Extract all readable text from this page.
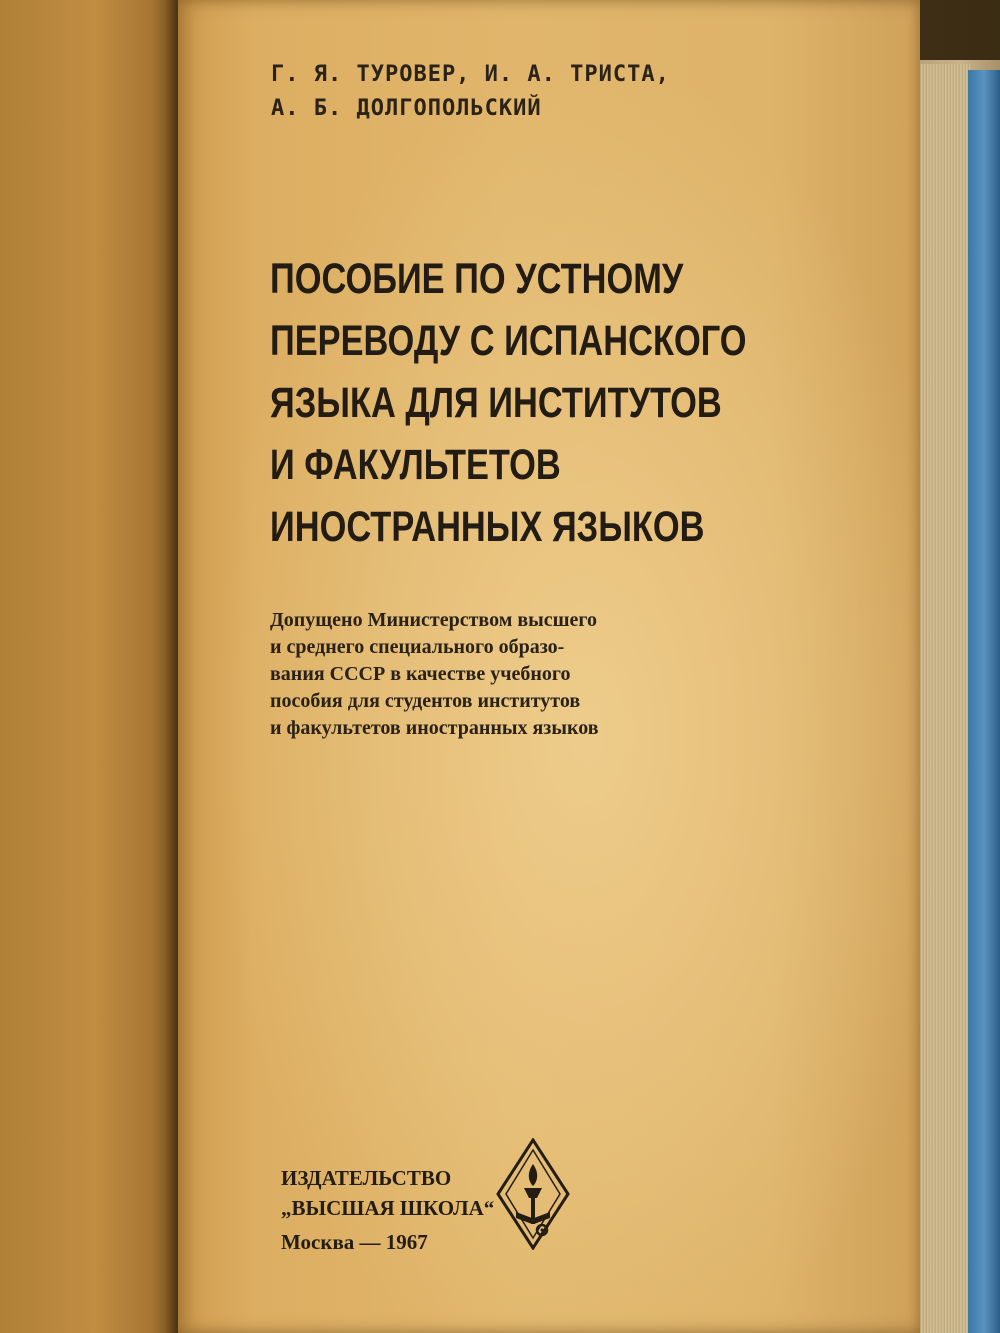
Г. Я. ТУРОВЕР, И. А. ТРИСТА,
А. Б. ДОЛГОПОЛЬСКИЙ
ПОСОБИЕ ПО УСТНОМУ
ПЕРЕВОДУ С ИСПАНСКОГО
ЯЗЫКА ДЛЯ ИНСТИТУТОВ
И ФАКУЛЬТЕТОВ
ИНОСТРАННЫХ ЯЗЫКОВ
Допущено Министерством высшего
и среднего специального образо-
вания СССР в качестве учебного
пособия для студентов институтов
и факультетов иностранных языков
ИЗДАТЕЛЬСТВО
„ВЫСШАЯ ШКОЛА“
Москва — 1967
